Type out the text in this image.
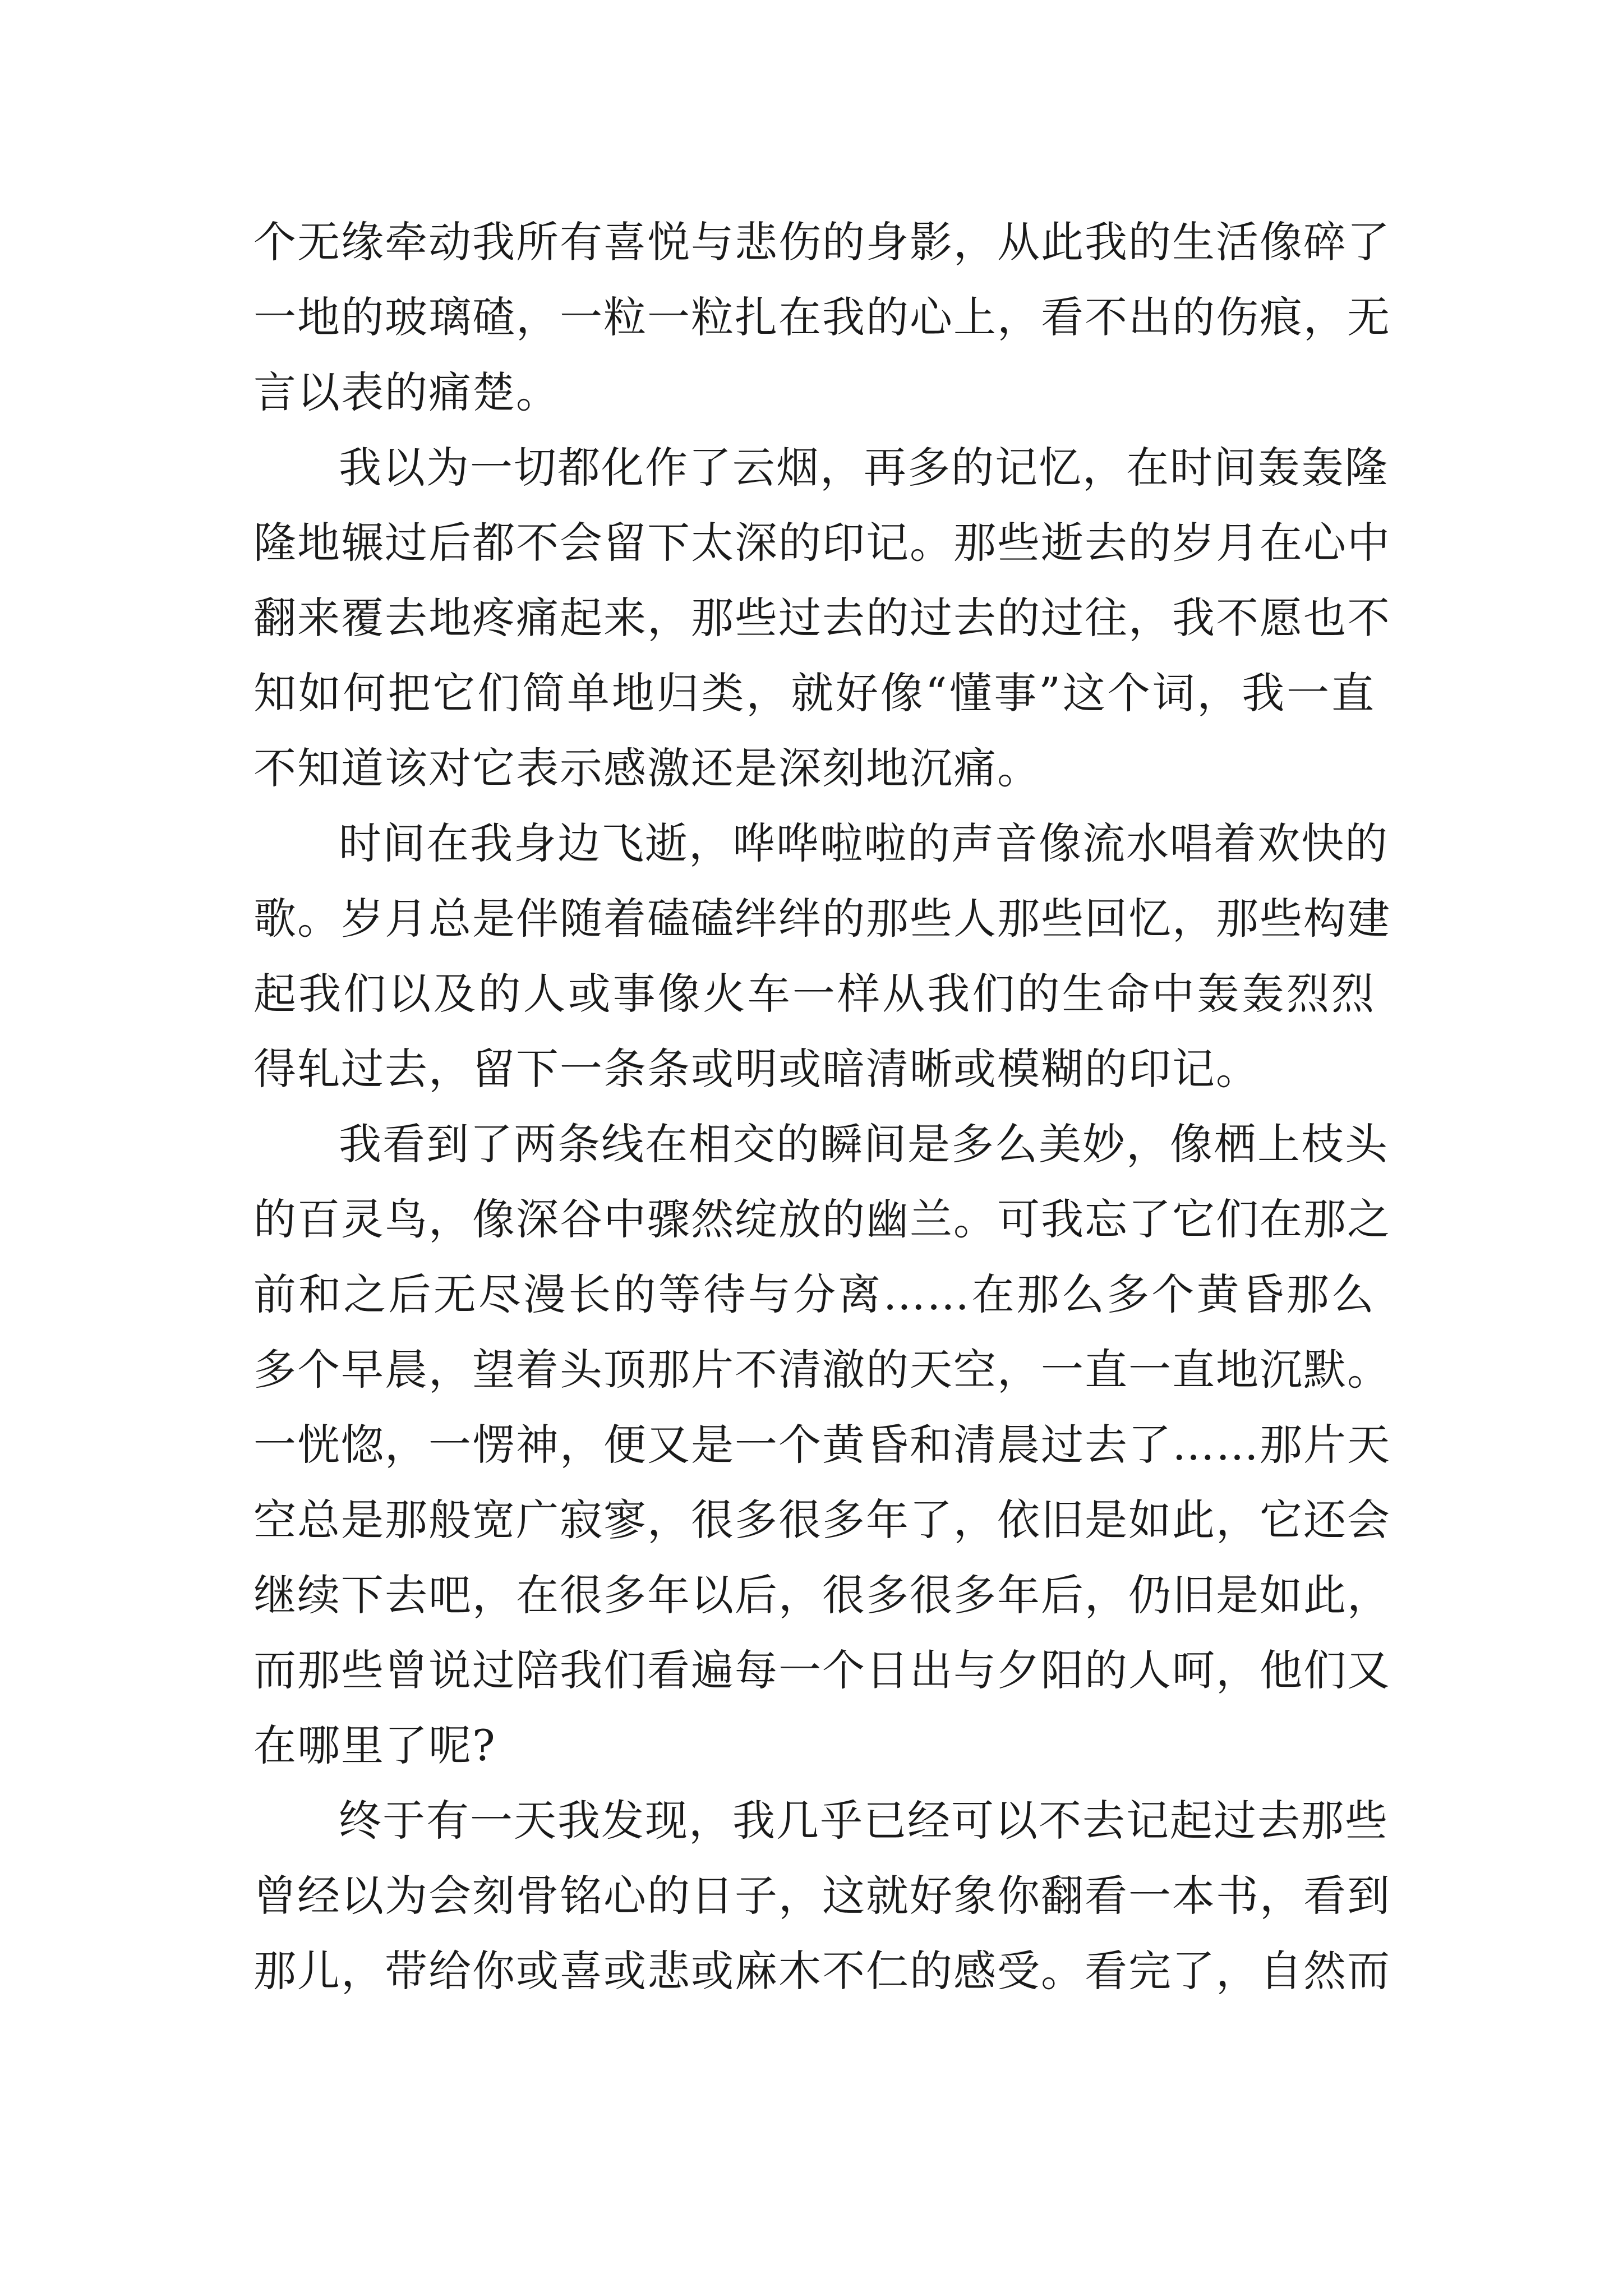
个无缘牵动我所有喜悦与悲伤的身影，从此我的生活像碎了
一地的玻璃碴，一粒一粒扎在我的心上，看不出的伤痕，无
言以表的痛楚。
我以为一切都化作了云烟，再多的记忆，在时间轰轰隆
隆地辗过后都不会留下太深的印记。那些逝去的岁月在心中
翻来覆去地疼痛起来，那些过去的过去的过往，我不愿也不
知如何把它们简单地归类，就好像“懂事”这个词，我一直
不知道该对它表示感激还是深刻地沉痛。
时间在我身边飞逝，哗哗啦啦的声音像流水唱着欢快的
歌。岁月总是伴随着磕磕绊绊的那些人那些回忆，那些构建
起我们以及的人或事像火车一样从我们的生命中轰轰烈烈
得轧过去，留下一条条或明或暗清晰或模糊的印记。
我看到了两条线在相交的瞬间是多么美妙，像栖上枝头
的百灵鸟，像深谷中骤然绽放的幽兰。可我忘了它们在那之
前和之后无尽漫长的等待与分离……在那么多个黄昏那么
多个早晨，望着头顶那片不清澈的天空，一直一直地沉默。
一恍惚，一愣神，便又是一个黄昏和清晨过去了……那片天
空总是那般宽广寂寥，很多很多年了，依旧是如此，它还会
继续下去吧，在很多年以后，很多很多年后，仍旧是如此，
而那些曾说过陪我们看遍每一个日出与夕阳的人呵，他们又
在哪里了呢?
终于有一天我发现，我几乎已经可以不去记起过去那些
曾经以为会刻骨铭心的日子，这就好象你翻看一本书，看到
那儿，带给你或喜或悲或麻木不仁的感受。看完了，自然而
